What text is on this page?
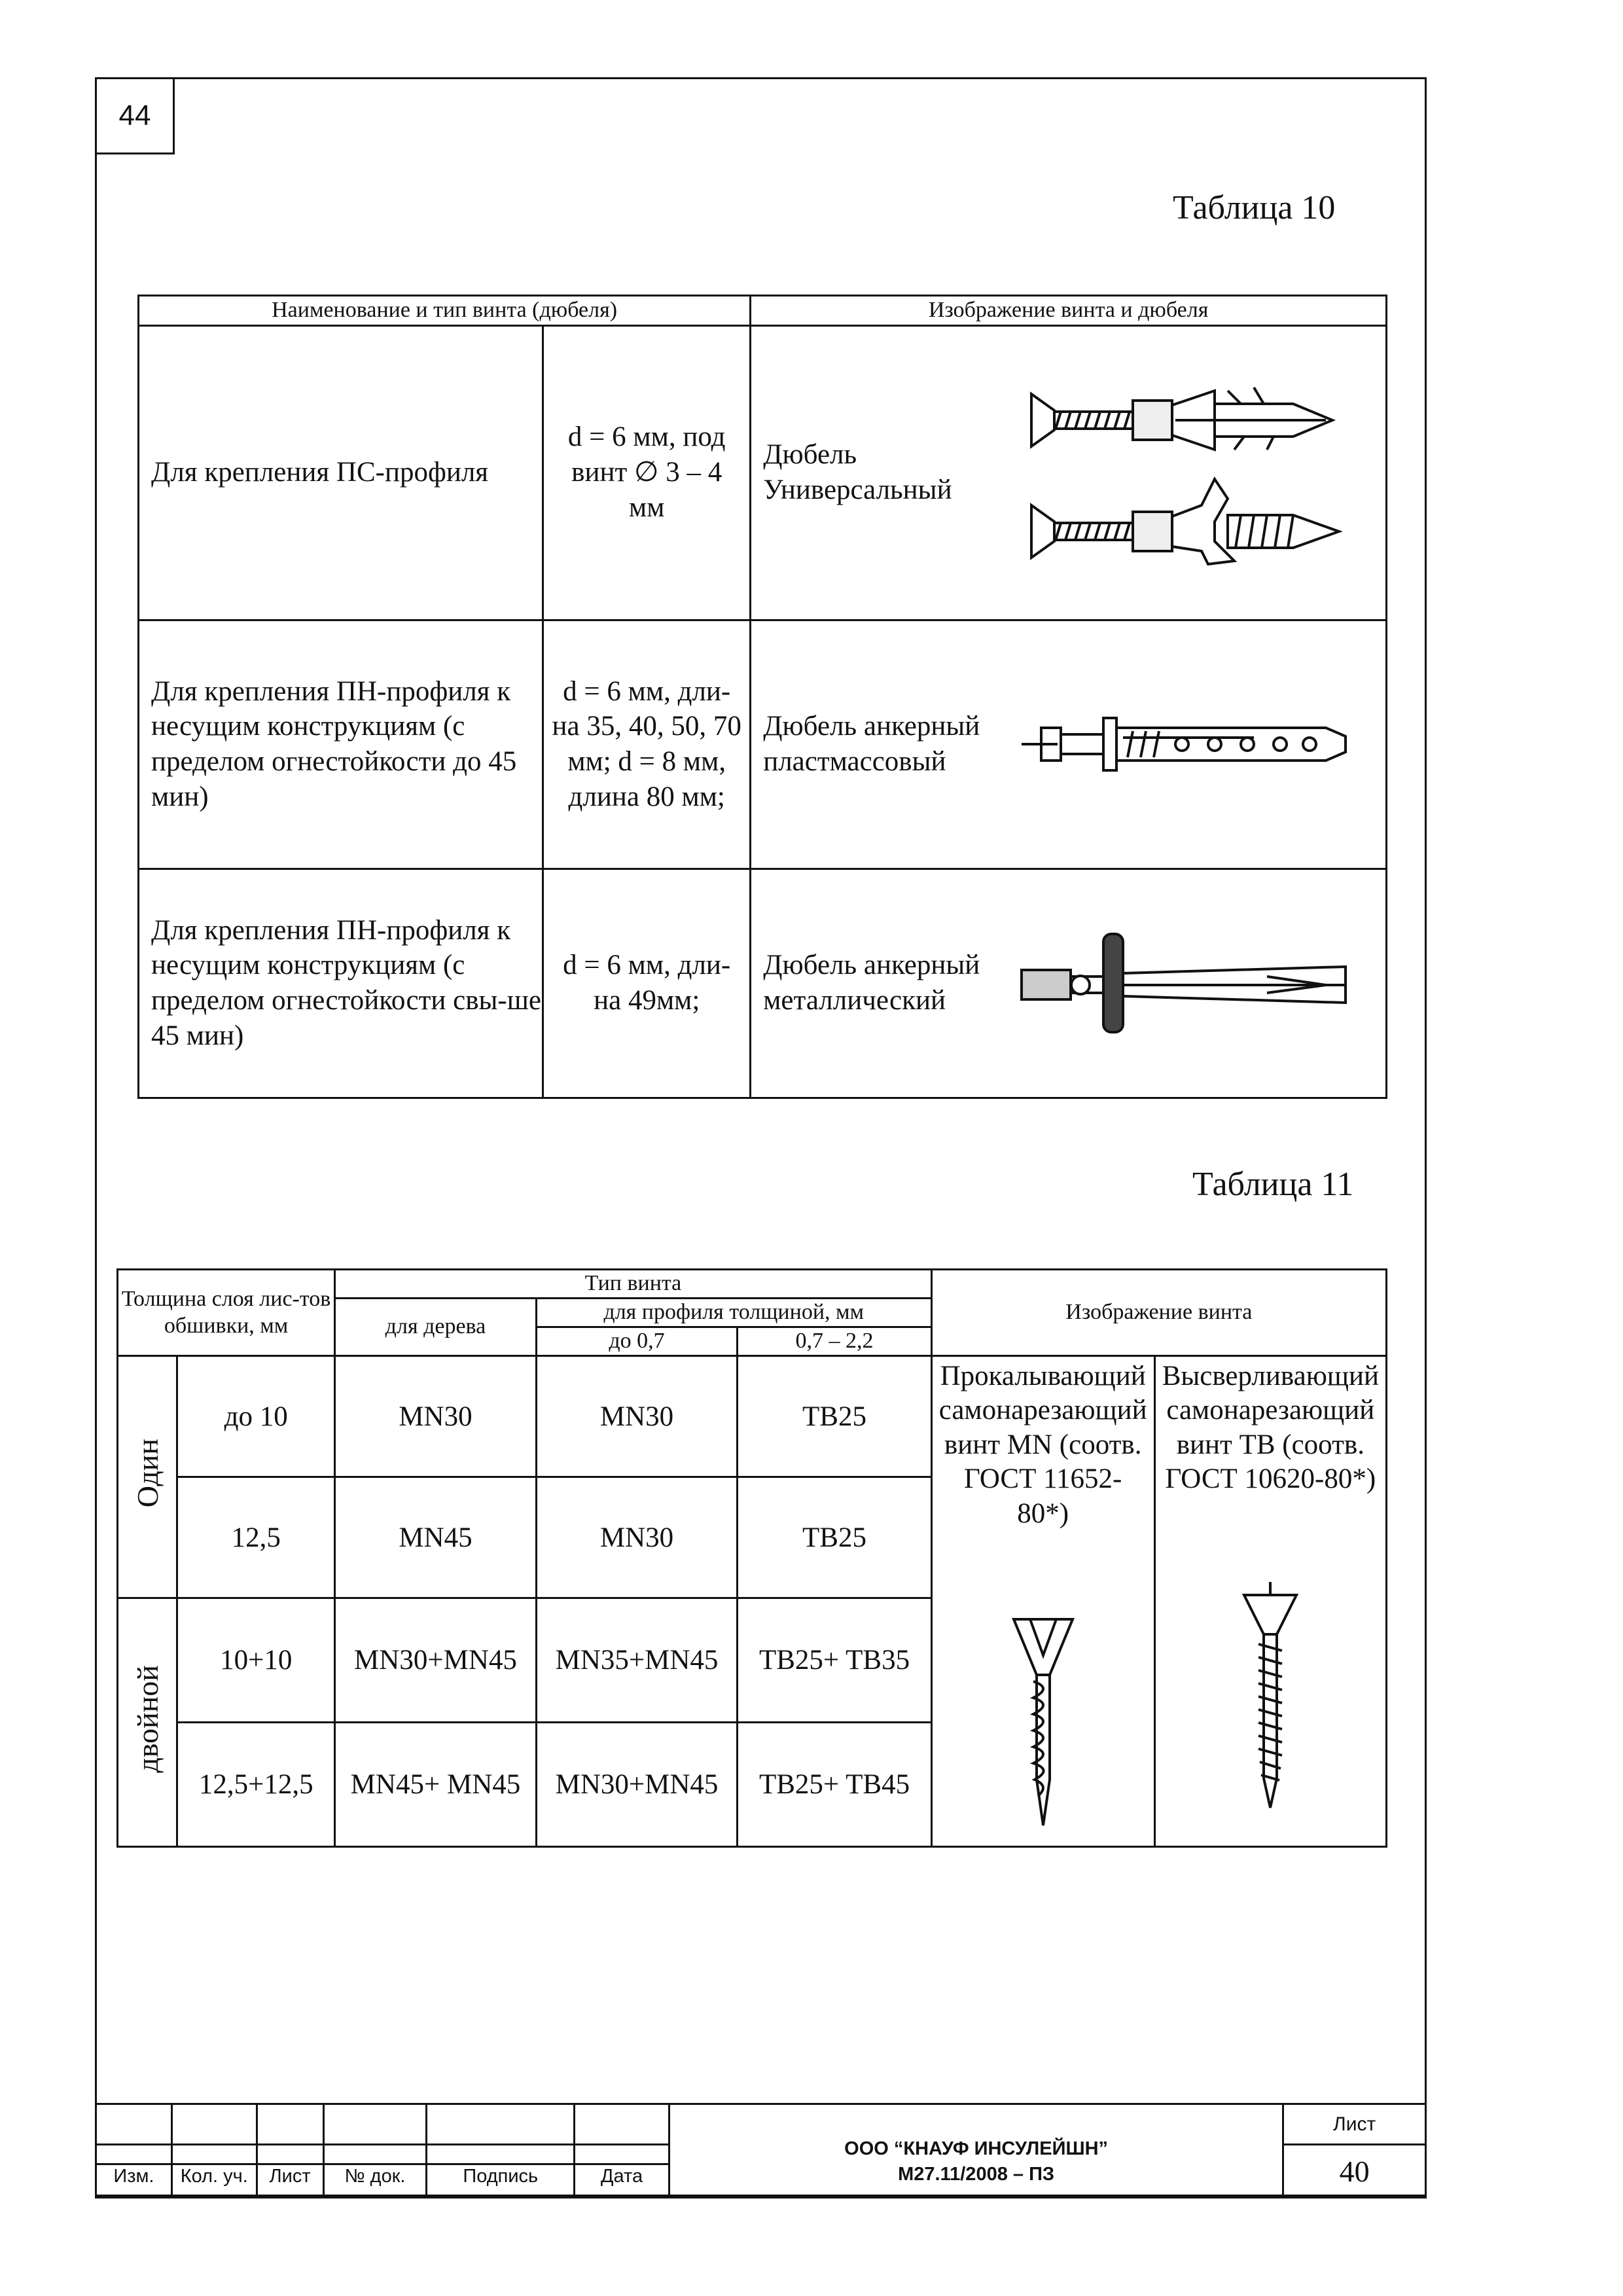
44
Таблица 10
Наименование и тип винта (дюбеля)		Изображение винта и дюбеля
Для крепления ПС-профиля	d = 6 мм, под винт ∅ 3 – 4 мм	Дюбель Универсальный

Для крепления ПН-профиля к несущим конструкциям (с пределом огнестойкости до 45 мин)	d = 6 мм, дли-на 35, 40, 50, 70 мм; d = 8 мм, длина 80 мм;	Дюбель анкерный пластмассовый

Для крепления ПН-профиля к несущим конструкциям (с пределом огнестойкости свы-ше 45 мин)	d = 6 мм, дли-на 49мм;	Дюбель анкерный металлический
Таблица 11
Толщина слоя лис-тов обшивки, мм		Тип винта			Изображение винта	
		для дерева	для профиля толщиной, мм			
			до 0,7	0,7 – 2,2		
Один	до 10	MN30	MN30	TB25	Прокалывающий самонарезающий винт MN (соотв. ГОСТ 11652-80*)	Высверливающий самонарезающий винт TB (соотв. ГОСТ 10620-80*)

	12,5	MN45	MN30	TB25		
двойной	10+10	MN30+MN45	MN35+MN45	TB25+ TB35		
	12,5+12,5	MN45+ MN45	MN30+MN45	TB25+ TB45		

						ООО “КНАУФ ИНСУЛЕЙШН”
М27.11/2008 – ПЗ	Лист
							40
Изм.	Кол. уч.	Лист	№ док.	Подпись	Дата		
